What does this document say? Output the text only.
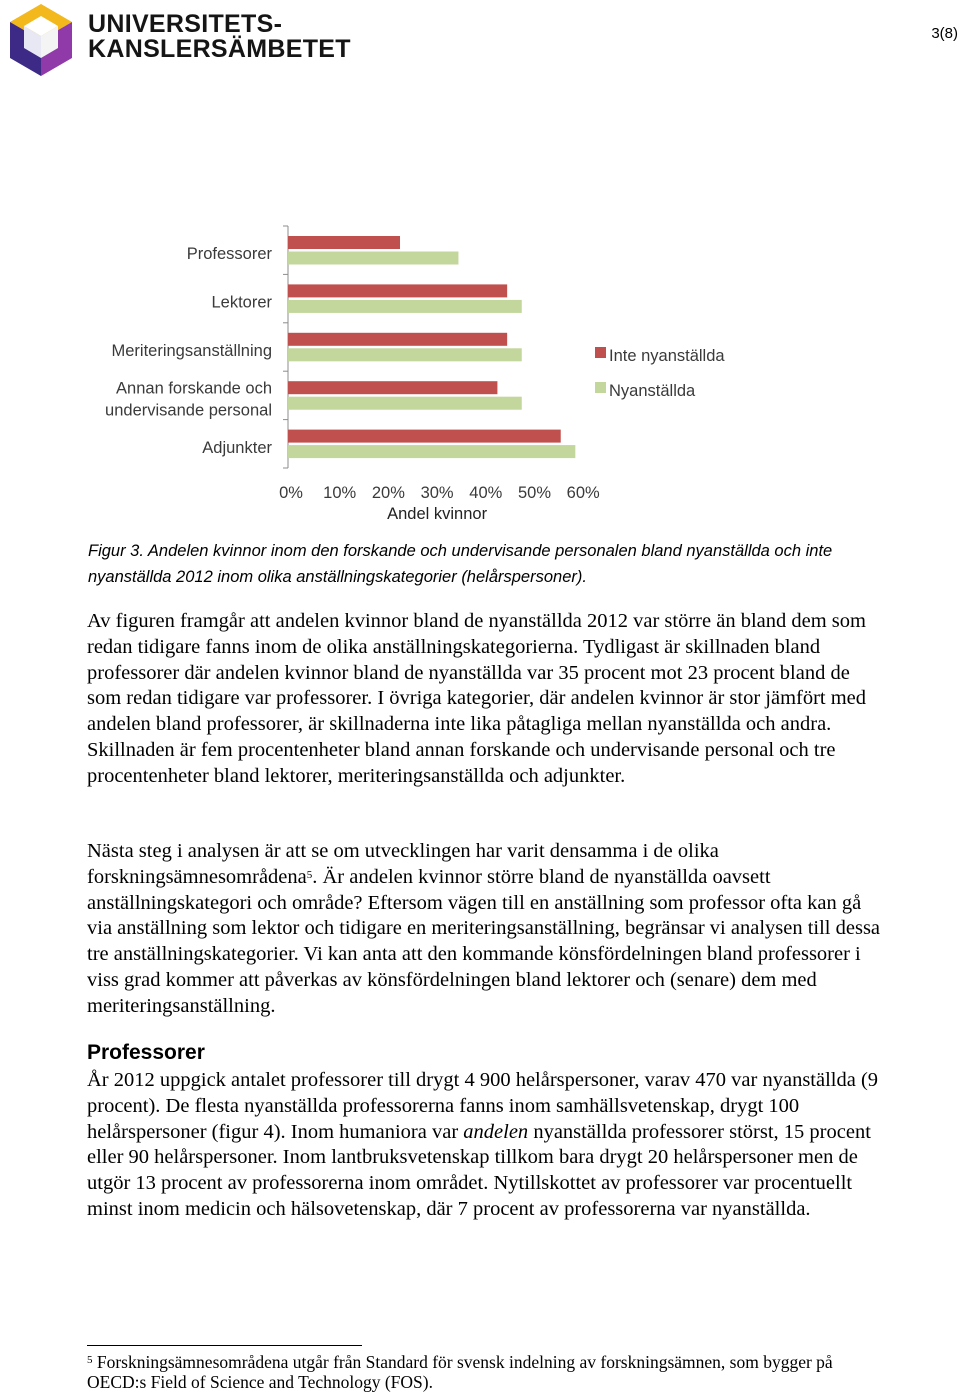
UNIVERSITETS-
KANSLERSÄMBETET
3(8)
Professorer
Lektorer
Meriteringsanställning
Annan forskande och
undervisande personal
Adjunkter
0% 10% 20% 30% 40% 50% 60%
Andel kvinnor
Inte nyanställda
Nyanställda
Figur 3. Andelen kvinnor inom den forskande och undervisande personalen bland nyanställda och inte nyanställda 2012 inom olika anställningskategorier (helårspersoner).
Av figuren framgår att andelen kvinnor bland de nyanställda 2012 var större än bland dem som redan tidigare fanns inom de olika anställningskategorierna. Tydligast är skillnaden bland professorer där andelen kvinnor bland de nyanställda var 35 procent mot 23 procent bland de som redan tidigare var professorer. I övriga kategorier, där andelen kvinnor är stor jämfört med andelen bland professorer, är skillnaderna inte lika påtagliga mellan nyanställda och andra. Skillnaden är fem procentenheter bland annan forskande och undervisande personal och tre procentenheter bland lektorer, meriteringsanställda och adjunkter.
Nästa steg i analysen är att se om utvecklingen har varit densamma i de olika forskningsämnesområdena$^5$. Är andelen kvinnor större bland de nyanställda oavsett anställningskategori och område? Eftersom vägen till en anställning som professor ofta kan gå via anställning som lektor och tidigare en meriteringsanställning, begränsar vi analysen till dessa tre anställningskategorier. Vi kan anta att den kommande könsfördelningen bland professorer i viss grad kommer att påverkas av könsfördelningen bland lektorer och (senare) dem med meriteringsanställning.
Professorer
År 2012 uppgick antalet professorer till drygt 4 900 helårspersoner, varav 470 var nyanställda (9 procent). De flesta nyanställda professorerna fanns inom samhällsvetenskap, drygt 100 helårspersoner (figur 4). Inom humaniora var andelen nyanställda professorer störst, 15 procent eller 90 helårspersoner. Inom lantbruksvetenskap tillkom bara drygt 20 helårspersoner men de utgör 13 procent av professorerna inom området. Nytillskottet av professorer var procentuellt minst inom medicin och hälsovetenskap, där 7 procent av professorerna var nyanställda.
$^5$ Forskningsämnesområdena utgår från Standard för svensk indelning av forskningsämnen, som bygger på OECD:s Field of Science and Technology (FOS).
